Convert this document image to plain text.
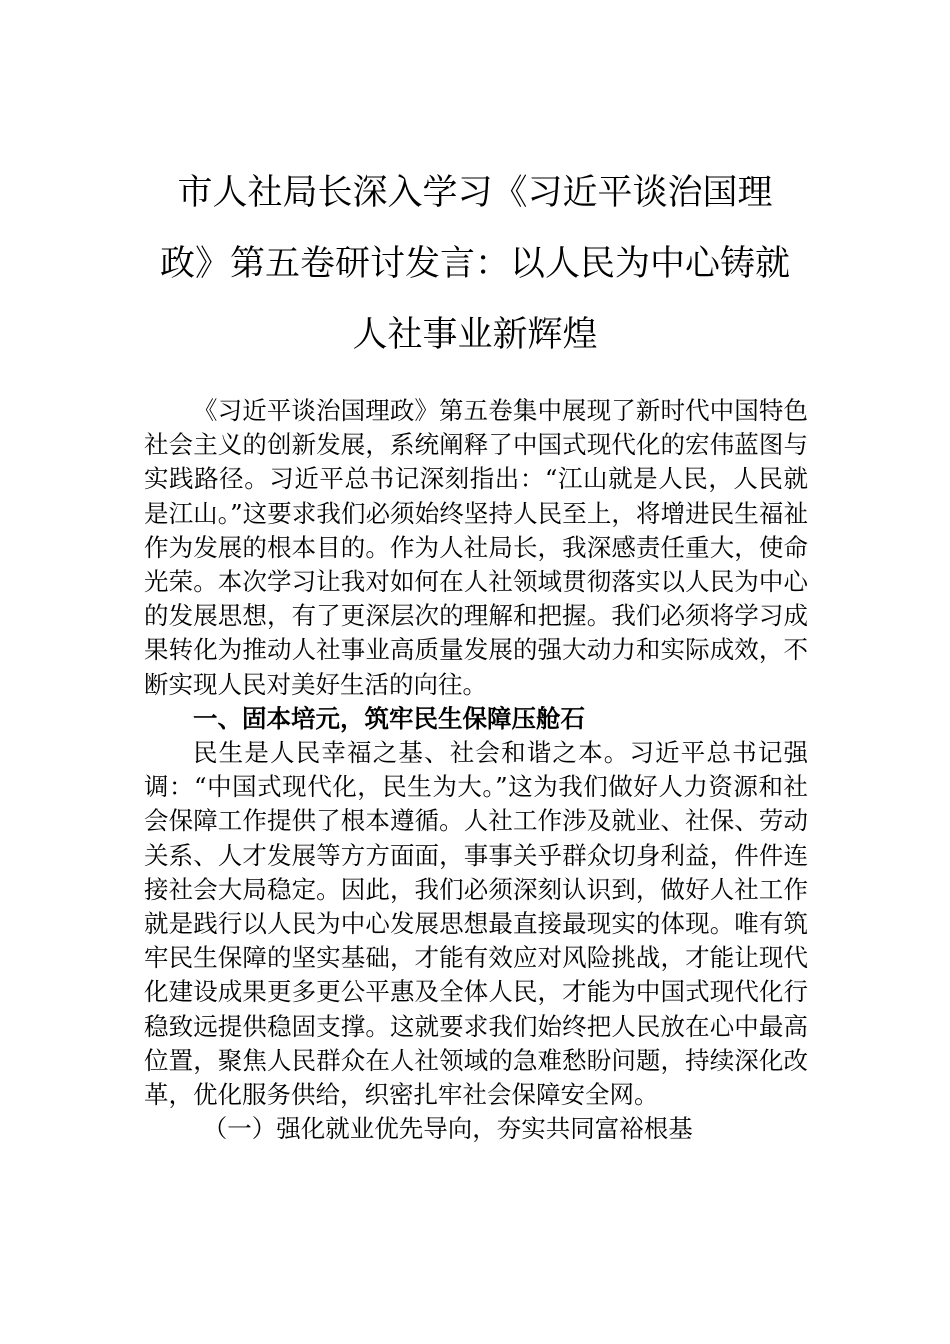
市人社局长深入学习《习近平谈治国理
政》第五卷研讨发言：以人民为中心铸就
人社事业新辉煌

《习近平谈治国理政》第五卷集中展现了新时代中国特色社会主义的创新发展，系统阐释了中国式现代化的宏伟蓝图与实践路径。习近平总书记深刻指出：“江山就是人民，人民就是江山。”这要求我们必须始终坚持人民至上，将增进民生福祉作为发展的根本目的。作为人社局长，我深感责任重大，使命光荣。本次学习让我对如何在人社领域贯彻落实以人民为中心的发展思想，有了更深层次的理解和把握。我们必须将学习成果转化为推动人社事业高质量发展的强大动力和实际成效，不断实现人民对美好生活的向往。

一、固本培元，筑牢民生保障压舱石

民生是人民幸福之基、社会和谐之本。习近平总书记强调：“中国式现代化，民生为大。”这为我们做好人力资源和社会保障工作提供了根本遵循。人社工作涉及就业、社保、劳动关系、人才发展等方方面面，事事关乎群众切身利益，件件连接社会大局稳定。因此，我们必须深刻认识到，做好人社工作就是践行以人民为中心发展思想最直接最现实的体现。唯有筑牢民生保障的坚实基础，才能有效应对风险挑战，才能让现代化建设成果更多更公平惠及全体人民，才能为中国式现代化行稳致远提供稳固支撑。这就要求我们始终把人民放在心中最高位置，聚焦人民群众在人社领域的急难愁盼问题，持续深化改革，优化服务供给，织密扎牢社会保障安全网。

（一）强化就业优先导向，夯实共同富裕根基
